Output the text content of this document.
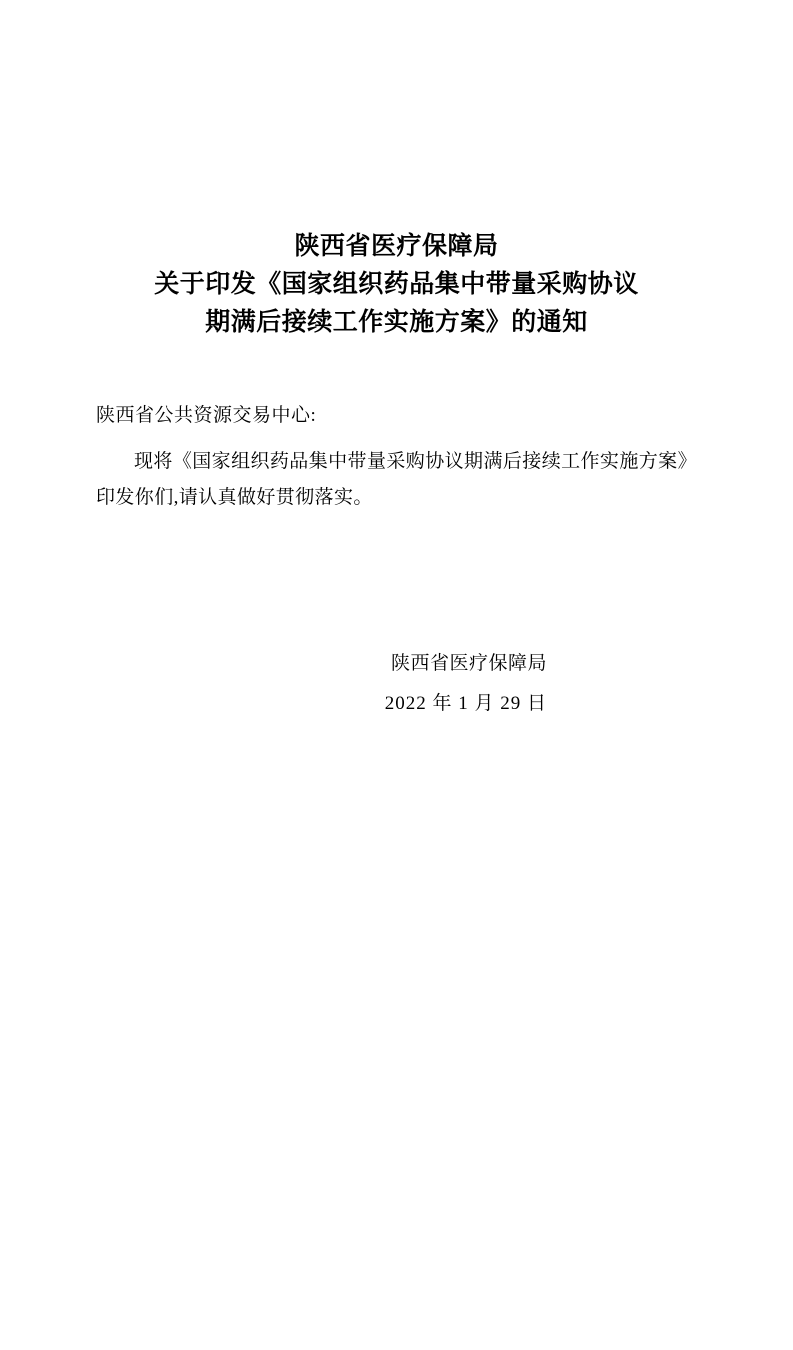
陕西省医疗保障局
关于印发《国家组织药品集中带量采购协议
期满后接续工作实施方案》的通知
陕西省公共资源交易中心:
现将《国家组织药品集中带量采购协议期满后接续工作实施方案》印发你们,请认真做好贯彻落实。
陕西省医疗保障局
2022 年 1 月 29 日
